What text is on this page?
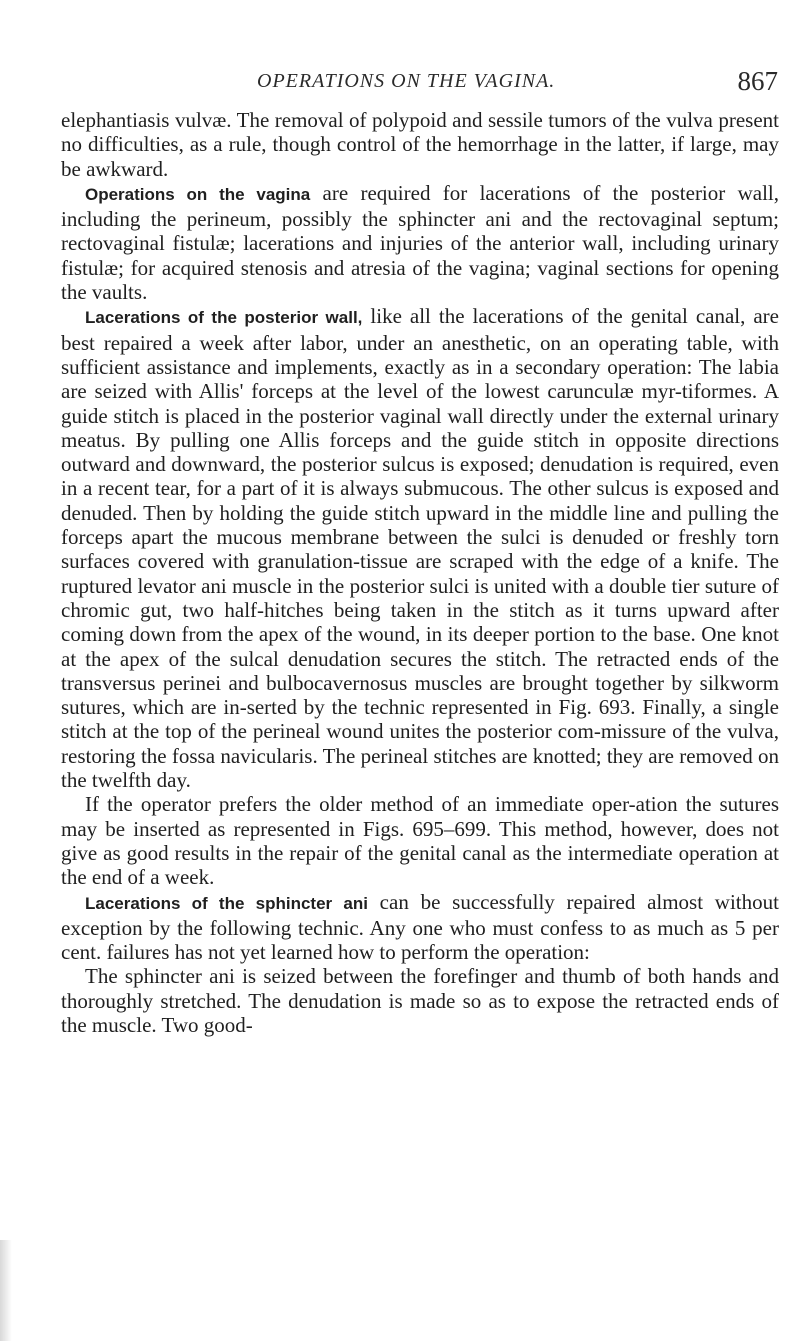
OPERATIONS ON THE VAGINA.	867

elephantiasis vulvæ. The removal of polypoid and sessile tumors of the vulva present no difficulties, as a rule, though control of the hemorrhage in the latter, if large, may be awkward.

Operations on the vagina are required for lacerations of the posterior wall, including the perineum, possibly the sphincter ani and the rectovaginal septum; rectovaginal fistulæ; lacerations and injuries of the anterior wall, including urinary fistulæ; for acquired stenosis and atresia of the vagina; vaginal sections for opening the vaults.

Lacerations of the posterior wall, like all the lacerations of the genital canal, are best repaired a week after labor, under an anesthetic, on an operating table, with sufficient assistance and implements, exactly as in a secondary operation: The labia are seized with Allis' forceps at the level of the lowest carunculæ myr-tiformes. A guide stitch is placed in the posterior vaginal wall directly under the external urinary meatus. By pulling one Allis forceps and the guide stitch in opposite directions outward and downward, the posterior sulcus is exposed; denudation is required, even in a recent tear, for a part of it is always submucous. The other sulcus is exposed and denuded. Then by holding the guide stitch upward in the middle line and pulling the forceps apart the mucous membrane between the sulci is denuded or freshly torn surfaces covered with granulation-tissue are scraped with the edge of a knife. The ruptured levator ani muscle in the posterior sulci is united with a double tier suture of chromic gut, two half-hitches being taken in the stitch as it turns upward after coming down from the apex of the wound, in its deeper portion to the base. One knot at the apex of the sulcal denudation secures the stitch. The retracted ends of the transversus perinei and bulbocavernosus muscles are brought together by silkworm sutures, which are in-serted by the technic represented in Fig. 693. Finally, a single stitch at the top of the perineal wound unites the posterior com-missure of the vulva, restoring the fossa navicularis. The perineal stitches are knotted; they are removed on the twelfth day.

If the operator prefers the older method of an immediate oper-ation the sutures may be inserted as represented in Figs. 695–699. This method, however, does not give as good results in the repair of the genital canal as the intermediate operation at the end of a week.

Lacerations of the sphincter ani can be successfully repaired almost without exception by the following technic. Any one who must confess to as much as 5 per cent. failures has not yet learned how to perform the operation:

The sphincter ani is seized between the forefinger and thumb of both hands and thoroughly stretched. The denudation is made so as to expose the retracted ends of the muscle. Two good-
